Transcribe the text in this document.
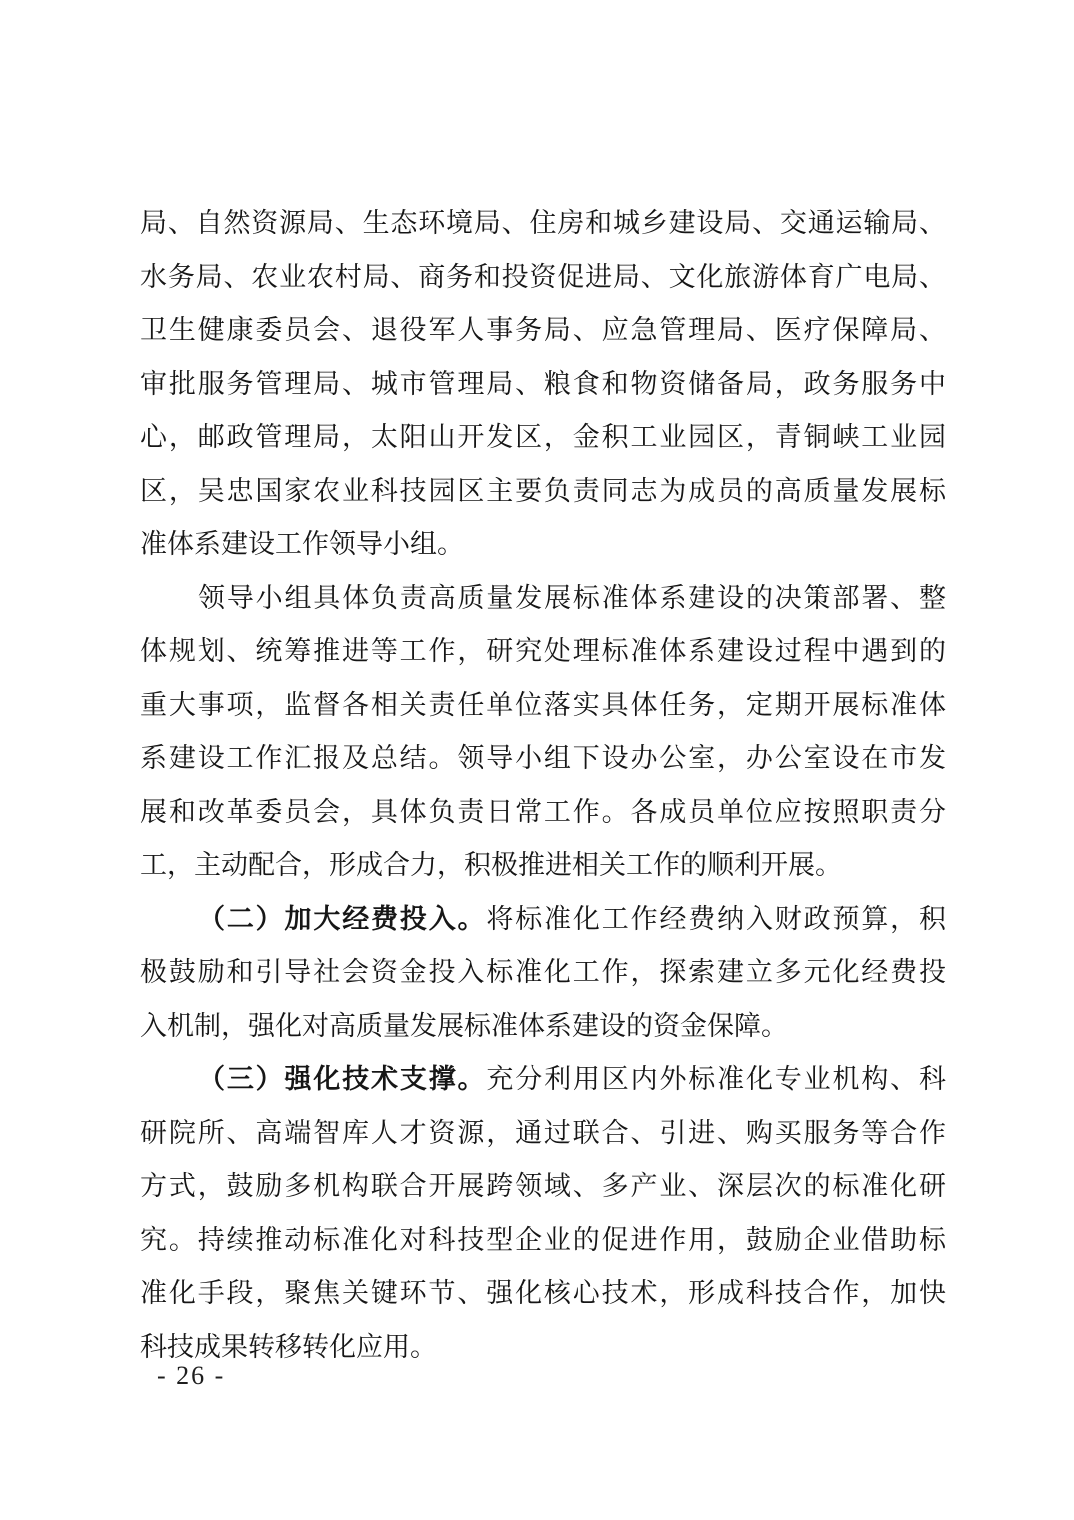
局、自然资源局、生态环境局、住房和城乡建设局、交通运输局、
水务局、农业农村局、商务和投资促进局、文化旅游体育广电局、
卫生健康委员会、退役军人事务局、应急管理局、医疗保障局、
审批服务管理局、城市管理局、粮食和物资储备局，政务服务中
心，邮政管理局，太阳山开发区，金积工业园区，青铜峡工业园
区，吴忠国家农业科技园区主要负责同志为成员的高质量发展标
准体系建设工作领导小组。
领导小组具体负责高质量发展标准体系建设的决策部署、整
体规划、统筹推进等工作，研究处理标准体系建设过程中遇到的
重大事项，监督各相关责任单位落实具体任务，定期开展标准体
系建设工作汇报及总结。领导小组下设办公室，办公室设在市发
展和改革委员会，具体负责日常工作。各成员单位应按照职责分
工，主动配合，形成合力，积极推进相关工作的顺利开展。
（二）加大经费投入。将标准化工作经费纳入财政预算，积
极鼓励和引导社会资金投入标准化工作，探索建立多元化经费投
入机制，强化对高质量发展标准体系建设的资金保障。
（三）强化技术支撑。充分利用区内外标准化专业机构、科
研院所、高端智库人才资源，通过联合、引进、购买服务等合作
方式，鼓励多机构联合开展跨领域、多产业、深层次的标准化研
究。持续推动标准化对科技型企业的促进作用，鼓励企业借助标
准化手段，聚焦关键环节、强化核心技术，形成科技合作，加快
科技成果转移转化应用。
- 26 -
